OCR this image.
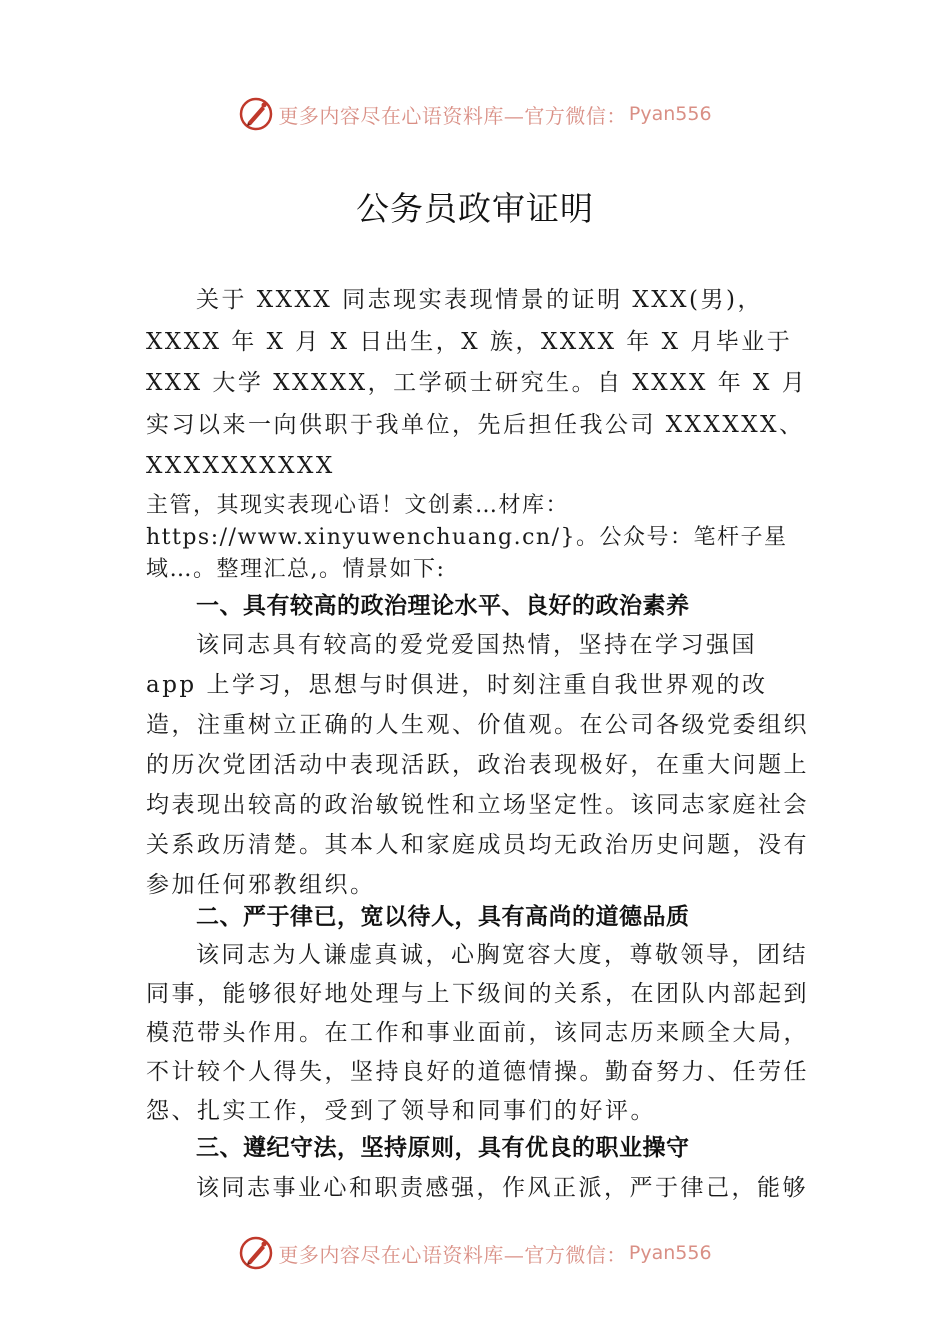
更多内容尽在心语资料库—官方微信： Pyan556
公务员政审证明

关于 XXXX 同志现实表现情景的证明 XXX(男)，XXXX 年 X 月 X 日出生，X 族，XXXX 年 X 月毕业于 XXX 大学 XXXXX，工学硕士研究生。自 XXXX 年 X 月实习以来一向供职于我单位，先后担任我公司 XXXXXX、XXXXXXXXXX

主管，其现实表现心语！文创素…材库：https://www.xinyuwenchuang.cn/}。公众号：笔杆子星域…。整理汇总,。情景如下:

一、具有较高的政治理论水平、良好的政治素养

该同志具有较高的爱党爱国热情，坚持在学习强国 app 上学习，思想与时俱进，时刻注重自我世界观的改造，注重树立正确的人生观、价值观。在公司各级党委组织的历次党团活动中表现活跃，政治表现极好，在重大问题上均表现出较高的政治敏锐性和立场坚定性。该同志家庭社会关系政历清楚。其本人和家庭成员均无政治历史问题，没有参加任何邪教组织。

二、严于律已，宽以待人，具有高尚的道德品质

该同志为人谦虚真诚，心胸宽容大度，尊敬领导，团结同事，能够很好地处理与上下级间的关系，在团队内部起到模范带头作用。在工作和事业面前，该同志历来顾全大局，不计较个人得失，坚持良好的道德情操。勤奋努力、任劳任怨、扎实工作，受到了领导和同事们的好评。

三、遵纪守法，坚持原则，具有优良的职业操守

该同志事业心和职责感强，作风正派，严于律己，能够

更多内容尽在心语资料库—官方微信： Pyan556
